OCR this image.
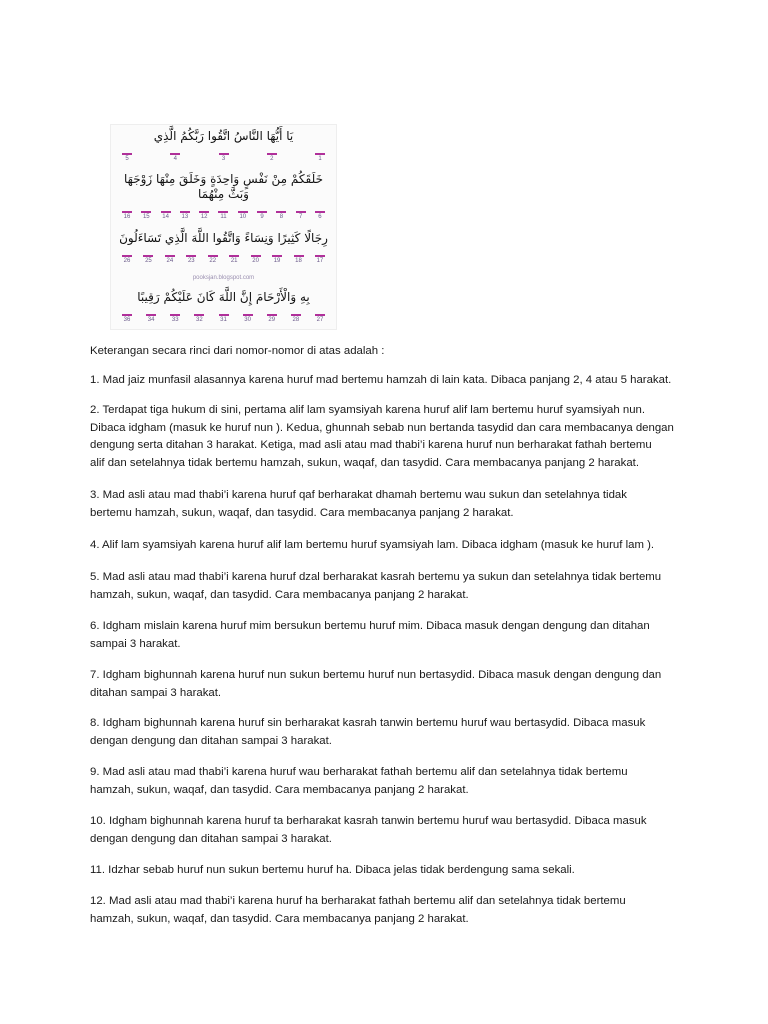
يَا أَيُّهَا النَّاسُ اتَّقُوا رَبَّكُمُ الَّذِي
5	4	3	2	1
خَلَقَكُمْ مِنْ نَفْسٍ وَاحِدَةٍ وَخَلَقَ مِنْهَا زَوْجَهَا وَبَثَّ مِنْهُمَا
16 15 14 13 12	11	10	9	8	7	6
رِجَالًا كَثِيرًا وَنِسَاءً وَاتَّقُوا اللَّهَ الَّذِي تَسَاءَلُونَ
26 25 24 23 22 21 20 19 18 17
pooksjan.blogspot.com
بِهِ وَالْأَرْحَامَ إِنَّ اللَّهَ كَانَ عَلَيْكُمْ رَقِيبًا
36	34	33	32	31	30	29	28	27
Keterangan secara rinci dari nomor-nomor di atas adalah :
1. Mad jaiz munfasil alasannya karena huruf mad bertemu hamzah di lain kata. Dibaca panjang 2, 4 atau 5 harakat.
2. Terdapat tiga hukum di sini, pertama alif lam syamsiyah karena huruf alif lam bertemu huruf syamsiyah nun.
Dibaca idgham (masuk ke huruf nun ). Kedua, ghunnah sebab nun bertanda tasydid dan cara membacanya dengan
dengung serta ditahan 3 harakat. Ketiga, mad asli atau mad thabi’i karena huruf nun berharakat fathah bertemu
alif dan setelahnya tidak bertemu hamzah, sukun, waqaf, dan tasydid. Cara membacanya panjang 2 harakat.
3. Mad asli atau mad thabi’i karena huruf qaf berharakat dhamah bertemu wau sukun dan setelahnya tidak
bertemu hamzah, sukun, waqaf, dan tasydid. Cara membacanya panjang 2 harakat.
4. Alif lam syamsiyah karena huruf alif lam bertemu huruf syamsiyah lam. Dibaca idgham (masuk ke huruf lam ).
5. Mad asli atau mad thabi’i karena huruf dzal berharakat kasrah bertemu ya sukun dan setelahnya tidak bertemu
hamzah, sukun, waqaf, dan tasydid. Cara membacanya panjang 2 harakat.
6. Idgham mislain karena huruf mim bersukun bertemu huruf mim. Dibaca masuk dengan dengung dan ditahan
sampai 3 harakat.
7. Idgham bighunnah karena huruf nun sukun bertemu huruf nun bertasydid. Dibaca masuk dengan dengung dan
ditahan sampai 3 harakat.
8. Idgham bighunnah karena huruf sin berharakat kasrah tanwin bertemu huruf wau bertasydid. Dibaca masuk
dengan dengung dan ditahan sampai 3 harakat.
9. Mad asli atau mad thabi’i karena huruf wau berharakat fathah bertemu alif dan setelahnya tidak bertemu
hamzah, sukun, waqaf, dan tasydid. Cara membacanya panjang 2 harakat.
10. Idgham bighunnah karena huruf ta berharakat kasrah tanwin bertemu huruf wau bertasydid. Dibaca masuk
dengan dengung dan ditahan sampai 3 harakat.
11. Idzhar sebab huruf nun sukun bertemu huruf ha. Dibaca jelas tidak berdengung sama sekali.
12. Mad asli atau mad thabi’i karena huruf ha berharakat fathah bertemu alif dan setelahnya tidak bertemu
hamzah, sukun, waqaf, dan tasydid. Cara membacanya panjang 2 harakat.
